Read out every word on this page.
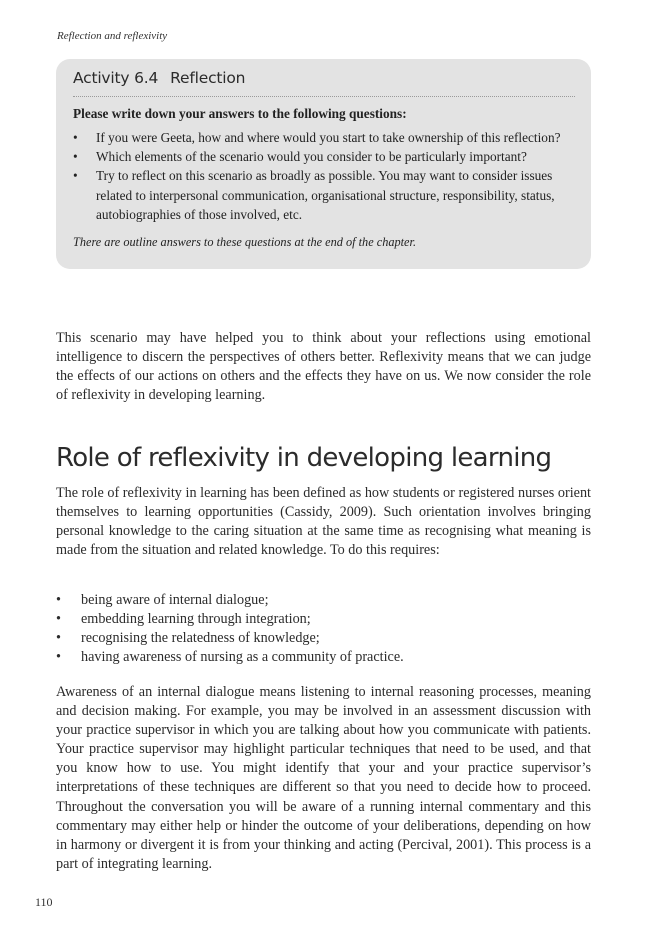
Reflection and reflexivity
Activity 6.4 Reflection
Please write down your answers to the following questions:
• If you were Geeta, how and where would you start to take ownership of this reflection?
• Which elements of the scenario would you consider to be particularly important?
• Try to reflect on this scenario as broadly as possible. You may want to consider issues related to interpersonal communication, organisational structure, responsibility, status, autobiographies of those involved, etc.
There are outline answers to these questions at the end of the chapter.

This scenario may have helped you to think about your reflections using emotional intelligence to discern the perspectives of others better. Reflexivity means that we can judge the effects of our actions on others and the effects they have on us. We now consider the role of reflexivity in developing learning.

Role of reflexivity in developing learning

The role of reflexivity in learning has been defined as how students or registered nurses orient themselves to learning opportunities (Cassidy, 2009). Such orientation involves bringing personal knowledge to the caring situation at the same time as recognising what meaning is made from the situation and related knowledge. To do this requires:

• being aware of internal dialogue;
• embedding learning through integration;
• recognising the relatedness of knowledge;
• having awareness of nursing as a community of practice.

Awareness of an internal dialogue means listening to internal reasoning processes, meaning and decision making. For example, you may be involved in an assessment discussion with your practice supervisor in which you are talking about how you communicate with patients. Your practice supervisor may highlight particular techniques that need to be used, and that you know how to use. You might identify that your and your practice supervisor’s interpretations of these techniques are different so that you need to decide how to proceed. Throughout the conversation you will be aware of a running internal commentary and this commentary may either help or hinder the outcome of your deliberations, depending on how in harmony or divergent it is from your thinking and acting (Percival, 2001). This process is a part of integrating learning.

110
